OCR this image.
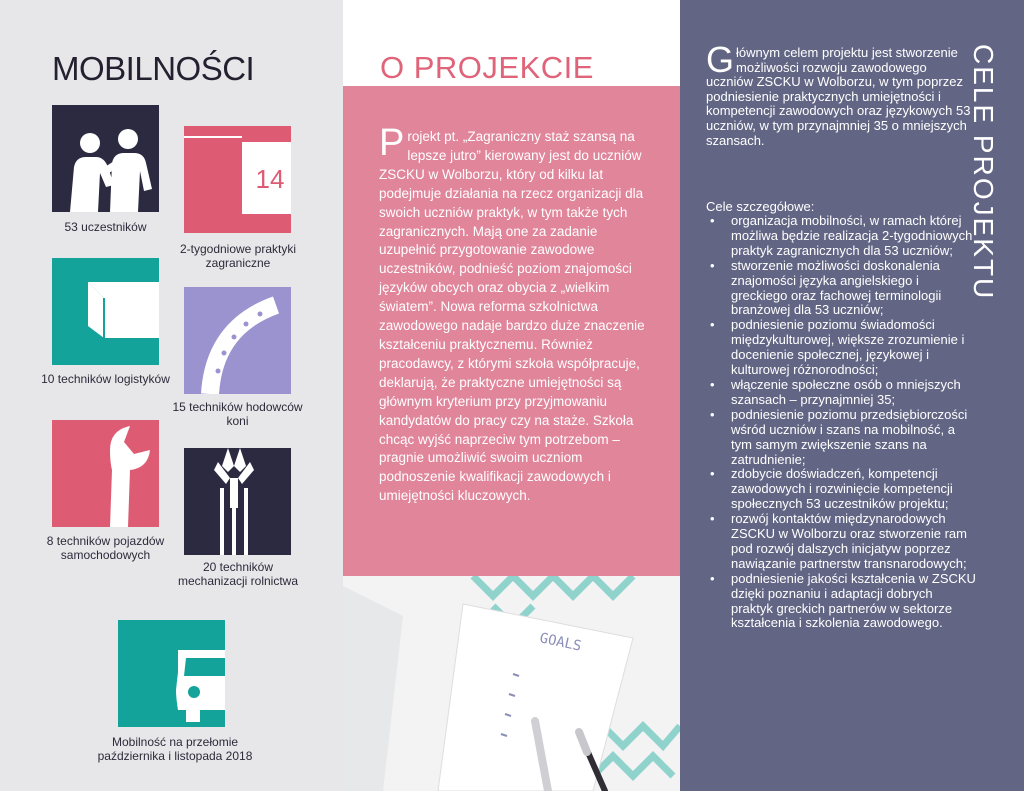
MOBILNOŚCI
53 uczestników
14
2-tygodniowe praktyki zagraniczne
10 techników logistyków
15 techników hodowców koni
8 techników pojazdów samochodowych
20 techników mechanizacji rolnictwa
Mobilność na przełomie października i listopada 2018
O PROJEKCIE
Projekt pt. „Zagraniczny staż szansą na lepsze jutro” kierowany jest do uczniów ZSCKU w Wolborzu, który od kilku lat podejmuje działania na rzecz organizacji dla swoich uczniów praktyk, w tym także tych zagranicznych. Mają one za zadanie uzupełnić przygotowanie zawodowe uczestników, podnieść poziom znajomości języków obcych oraz obycia z „wielkim światem”. Nowa reforma szkolnictwa zawodowego nadaje bardzo duże znaczenie kształceniu praktycznemu. Również pracodawcy, z którymi szkoła współpracuje, deklarują, że praktyczne umiejętności są głównym kryterium przy przyjmowaniu kandydatów do pracy czy na staże. Szkoła chcąc wyjść naprzeciw tym potrzebom – pragnie umożliwić swoim uczniom podnoszenie kwalifikacji zawodowych i umiejętności kluczowych.
GOALS
Głównym celem projektu jest stworzenie możliwości rozwoju zawodowego uczniów ZSCKU w Wolborzu, w tym poprzez podniesienie praktycznych umiejętności i kompetencji zawodowych oraz językowych 53 uczniów, w tym przynajmniej 35 o mniejszych szansach.
Cele szczegółowe:
• organizacja mobilności, w ramach której możliwa będzie realizacja 2-tygodniowych praktyk zagranicznych dla 53 uczniów;
• stworzenie możliwości doskonalenia znajomości języka angielskiego i greckiego oraz fachowej terminologii branżowej dla 53 uczniów;
• podniesienie poziomu świadomości międzykulturowej, większe zrozumienie i docenienie społecznej, językowej i kulturowej różnorodności;
• włączenie społeczne osób o mniejszych szansach – przynajmniej 35;
• podniesienie poziomu przedsiębiorczości wśród uczniów i szans na mobilność, a tym samym zwiększenie szans na zatrudnienie;
• zdobycie doświadczeń, kompetencji zawodowych i rozwinięcie kompetencji społecznych 53 uczestników projektu;
• rozwój kontaktów międzynarodowych ZSCKU w Wolborzu oraz stworzenie ram pod rozwój dalszych inicjatyw poprzez nawiązanie partnerstw transnarodowych;
• podniesienie jakości kształcenia w ZSCKU dzięki poznaniu i adaptacji dobrych praktyk greckich partnerów w sektorze kształcenia i szkolenia zawodowego.
CELE PROJEKTU
